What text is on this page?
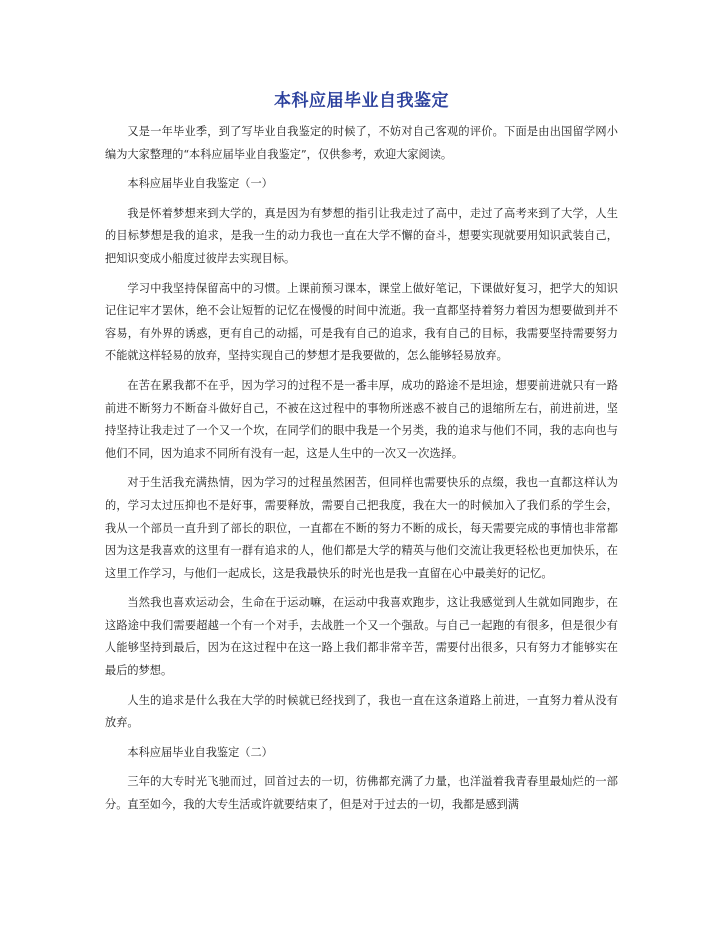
本科应届毕业自我鉴定

又是一年毕业季，到了写毕业自我鉴定的时候了，不妨对自己客观的评价。下面是由出国留学网小编为大家整理的“本科应届毕业自我鉴定”，仅供参考，欢迎大家阅读。

本科应届毕业自我鉴定（一）

我是怀着梦想来到大学的，真是因为有梦想的指引让我走过了高中，走过了高考来到了大学，人生的目标梦想是我的追求，是我一生的动力我也一直在大学不懈的奋斗，想要实现就要用知识武装自己，把知识变成小船度过彼岸去实现目标。

学习中我坚持保留高中的习惯。上课前预习课本，课堂上做好笔记，下课做好复习，把学大的知识记住记牢才罢休，绝不会让短暂的记忆在慢慢的时间中流逝。我一直都坚持着努力着因为想要做到并不容易，有外界的诱惑，更有自己的动摇，可是我有自己的追求，我有自己的目标，我需要坚持需要努力不能就这样轻易的放弃，坚持实现自己的梦想才是我要做的，怎么能够轻易放弃。

在苦在累我都不在乎，因为学习的过程不是一番丰厚，成功的路途不是坦途，想要前进就只有一路前进不断努力不断奋斗做好自己，不被在这过程中的事物所迷惑不被自己的退缩所左右，前进前进，坚持坚持让我走过了一个又一个坎，在同学们的眼中我是一个另类，我的追求与他们不同，我的志向也与他们不同，因为追求不同所有没有一起，这是人生中的一次又一次选择。

对于生活我充满热情，因为学习的过程虽然困苦，但同样也需要快乐的点缀，我也一直都这样认为的，学习太过压抑也不是好事，需要释放，需要自己把我度，我在大一的时候加入了我们系的学生会，我从一个部员一直升到了部长的职位，一直都在不断的努力不断的成长，每天需要完成的事情也非常都因为这是我喜欢的这里有一群有追求的人，他们都是大学的精英与他们交流让我更轻松也更加快乐，在这里工作学习，与他们一起成长，这是我最快乐的时光也是我一直留在心中最美好的记忆。

当然我也喜欢运动会，生命在于运动嘛，在运动中我喜欢跑步，这让我感觉到人生就如同跑步，在这路途中我们需要超越一个有一个对手，去战胜一个又一个强敌。与自己一起跑的有很多，但是很少有人能够坚持到最后，因为在这过程中在这一路上我们都非常辛苦，需要付出很多，只有努力才能够实在最后的梦想。

人生的追求是什么我在大学的时候就已经找到了，我也一直在这条道路上前进，一直努力着从没有放弃。

本科应届毕业自我鉴定（二）

三年的大专时光飞驰而过，回首过去的一切，彷佛都充满了力量，也洋溢着我青春里最灿烂的一部分。直至如今，我的大专生活或许就要结束了，但是对于过去的一切，我都是感到满
